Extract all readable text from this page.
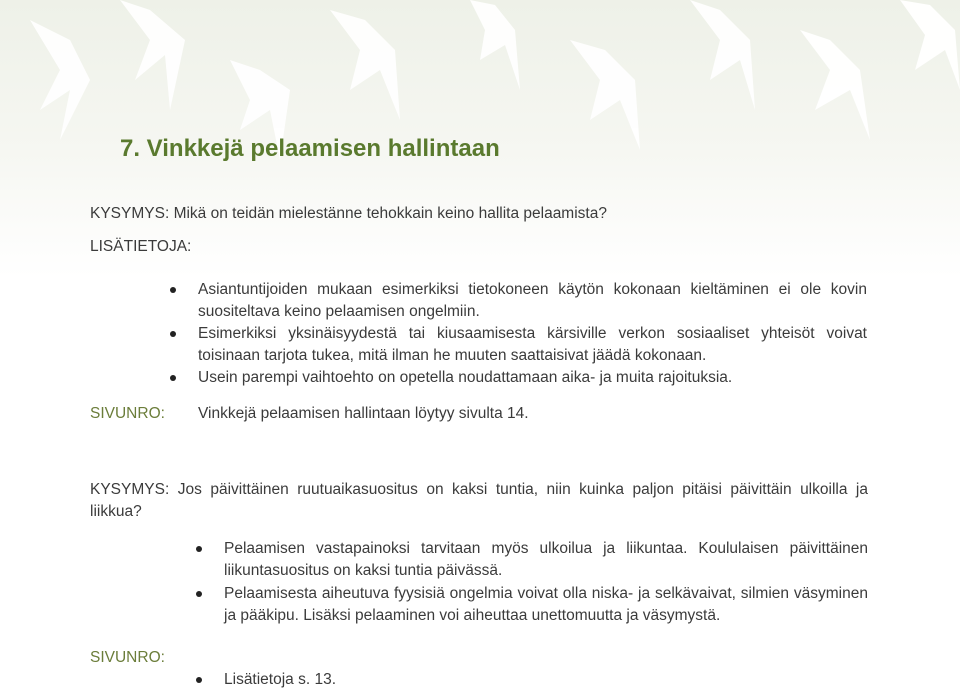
7. Vinkkejä pelaamisen hallintaan
KYSYMYS: Mikä on teidän mielestänne tehokkain keino hallita pelaamista?
LISÄTIETOJA:
Asiantuntijoiden mukaan esimerkiksi tietokoneen käytön kokonaan kieltäminen ei ole kovin suositeltava keino pelaamisen ongelmiin.
Esimerkiksi yksinäisyydestä tai kiusaamisesta kärsiville verkon sosiaaliset yhteisöt voivat toisinaan tarjota tukea, mitä ilman he muuten saattaisivat jäädä kokonaan.
Usein parempi vaihtoehto on opetella noudattamaan aika- ja muita rajoituksia.
SIVUNRO: Vinkkejä pelaamisen hallintaan löytyy sivulta 14.
KYSYMYS: Jos päivittäinen ruutuaikasuositus on kaksi tuntia, niin kuinka paljon pitäisi päivittäin ulkoilla ja liikkua?
Pelaamisen vastapainoksi tarvitaan myös ulkoilua ja liikuntaa. Koululaisen päivittäinen liikuntasuositus on kaksi tuntia päivässä.
Pelaamisesta aiheutuva fyysisiä ongelmia voivat olla niska- ja selkävaivat, silmien väsyminen ja pääkipu. Lisäksi pelaaminen voi aiheuttaa unettomuutta ja väsymystä.
SIVUNRO:
Lisätietoja s. 13.
